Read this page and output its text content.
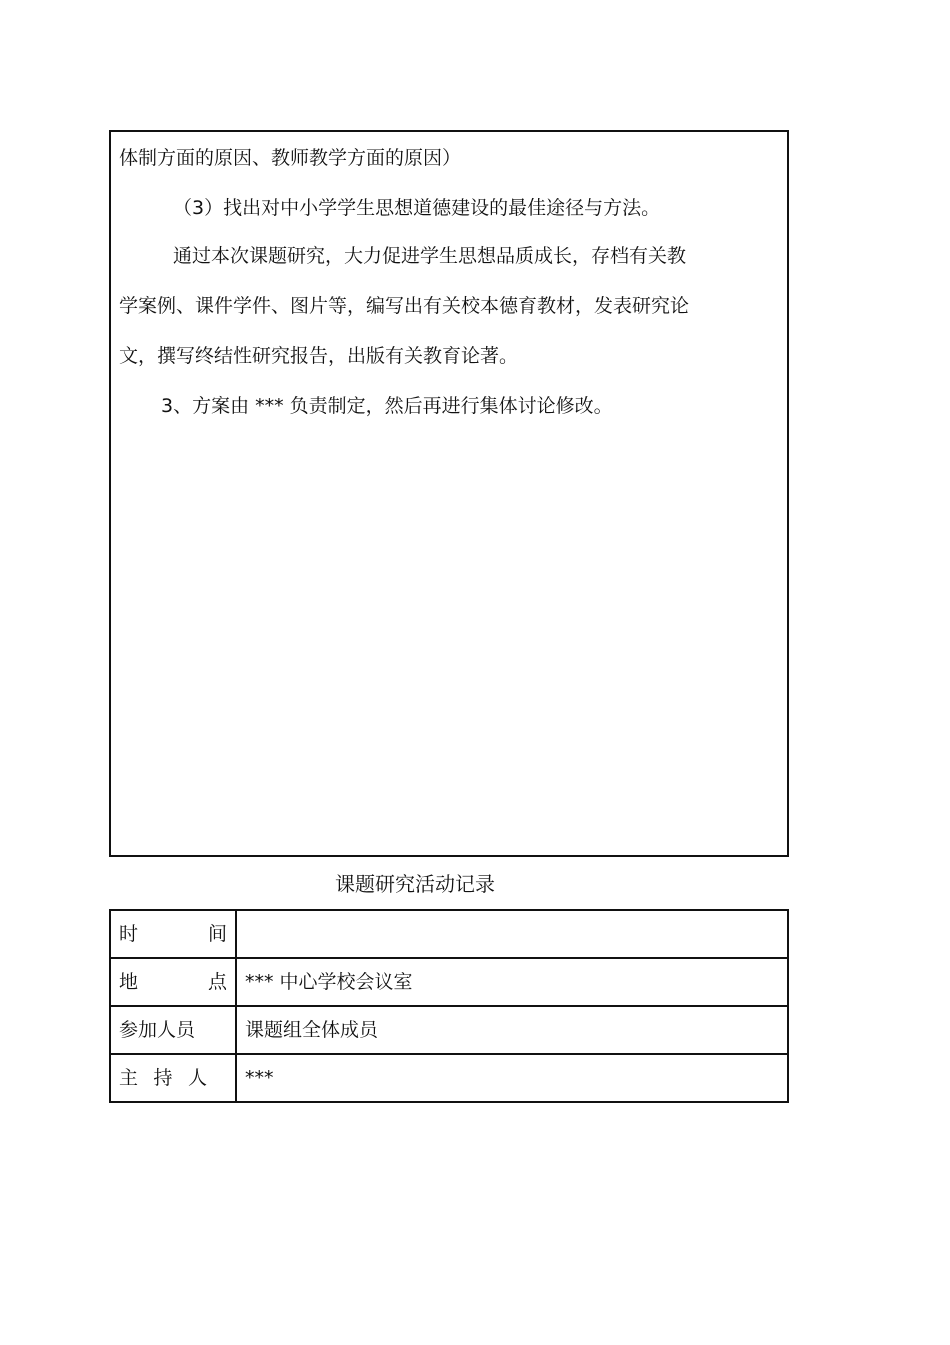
体制方面的原因、教师教学方面的原因）
（3）找出对中小学学生思想道德建设的最佳途径与方法。
通过本次课题研究，大力促进学生思想品质成长，存档有关教
学案例、课件学件、图片等，编写出有关校本德育教材，发表研究论
文，撰写终结性研究报告，出版有关教育论著。
3、方案由 *** 负责制定，然后再进行集体讨论修改。
课题研究活动记录
时 间	

地 点	*** 中心学校会议室
参加人员	课题组全体成员

主 持 人	***
